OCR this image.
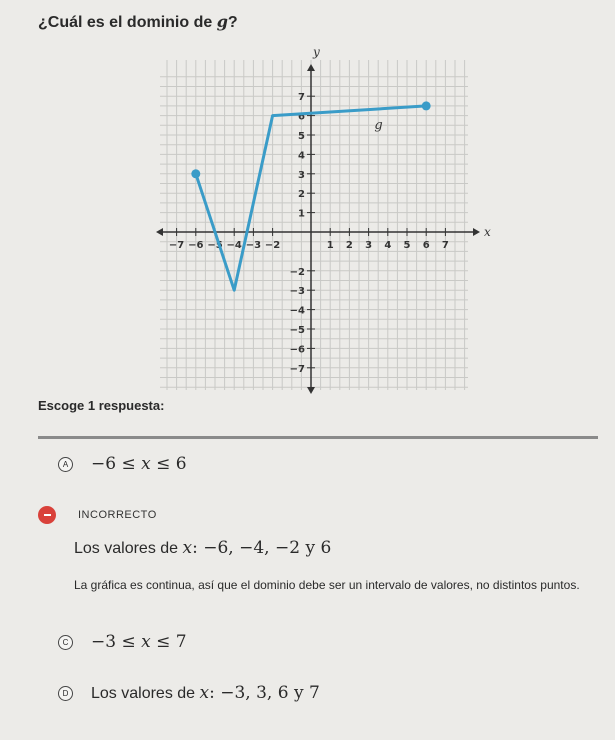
¿Cuál es el dominio de g?
x
y
−7 −6 −5 −4 −3 −2	1 2 3 4 5 6 7
−7
−6
−5
−4
−3
−2
1
2
3
4
5
6
7
g
Escoge 1 respuesta:
A −6 ≤ x ≤ 6
INCORRECTO
Los valores de x: −6, −4, −2 y 6
La gráfica es continua, así que el dominio debe ser un intervalo de valores, no distintos puntos.
C −3 ≤ x ≤ 7
D Los valores de x: −3, 3, 6 y 7
